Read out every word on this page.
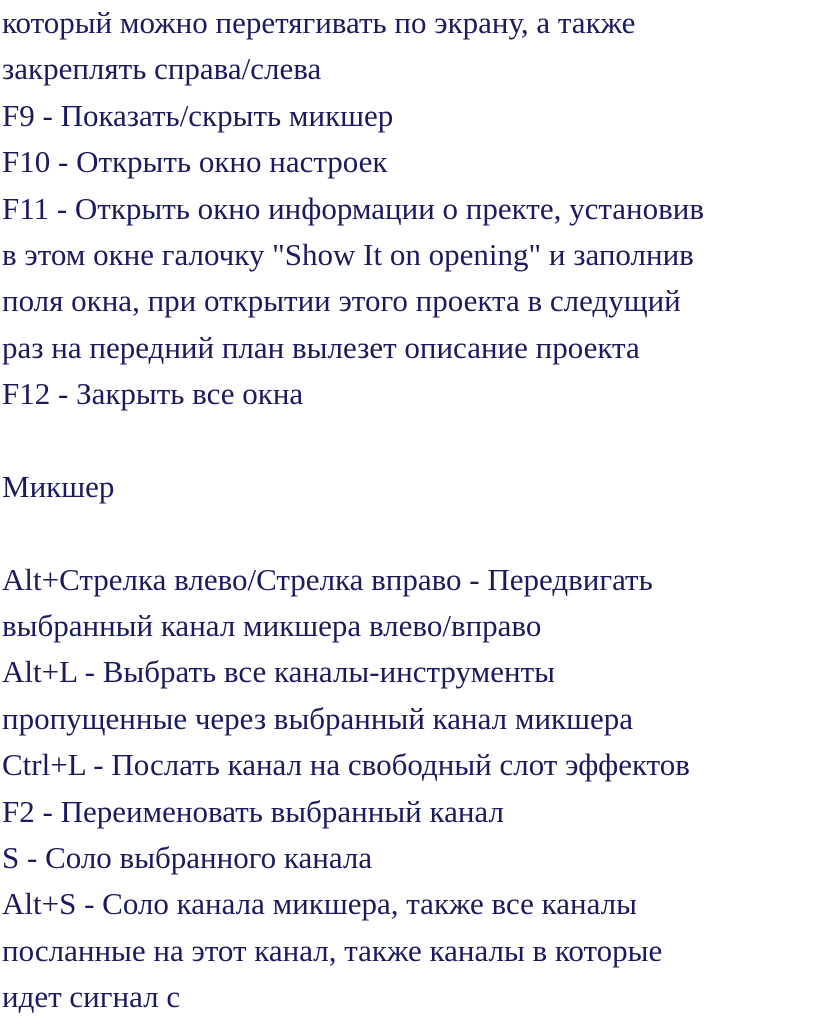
который можно перетягивать по экрану, а также
закреплять справа/слева
F9 - Показать/скрыть микшер
F10 - Открыть окно настроек
F11 - Открыть окно информации о пректе, установив
в этом окне галочку "Show It on opening" и заполнив
поля окна, при открытии этого проекта в следущий
раз на передний план вылезет описание проекта
F12 - Закрыть все окна
Микшер
Alt+Стрелка влево/Стрелка вправо - Передвигать
выбранный канал микшера влево/вправо
Alt+L - Выбрать все каналы-инструменты
пропущенные через выбранный канал микшера
Ctrl+L - Послать канал на свободный слот эффектов
F2 - Переименовать выбранный канал
S - Соло выбранного канала
Alt+S - Соло канала микшера, также все каналы
посланные на этот канал, также каналы в которые
идет сигнал с
